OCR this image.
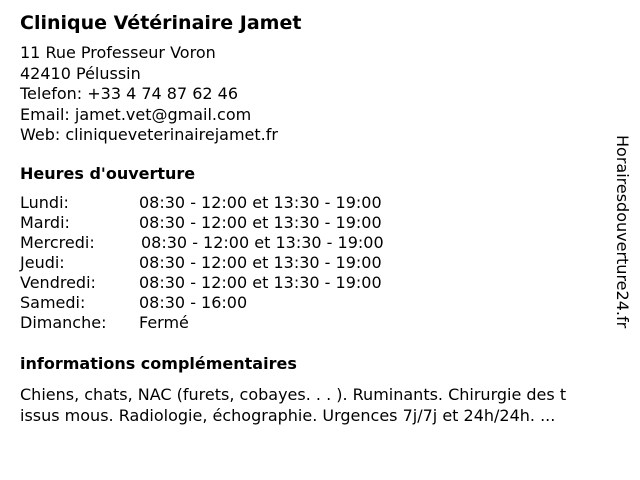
Clinique Vétérinaire Jamet
11 Rue Professeur Voron
42410 Pélussin
Telefon: +33 4 74 87 62 46
Email: jamet.vet@gmail.com
Web: cliniqueveterinairejamet.fr
Heures d'ouverture
Lundi:	08:30 - 12:00 et 13:30 - 19:00
Mardi:	08:30 - 12:00 et 13:30 - 19:00
Mercredi:	08:30 - 12:00 et 13:30 - 19:00
Jeudi:	08:30 - 12:00 et 13:30 - 19:00
Vendredi:	08:30 - 12:00 et 13:30 - 19:00
Samedi:	08:30 - 16:00
Dimanche: Fermé
informations complémentaires
Chiens, chats, NAC (furets, cobayes. . . ). Ruminants. Chirurgie des t
issus mous. Radiologie, échographie. Urgences 7j/7j et 24h/24h. ...
Horairesdouverture24.fr
